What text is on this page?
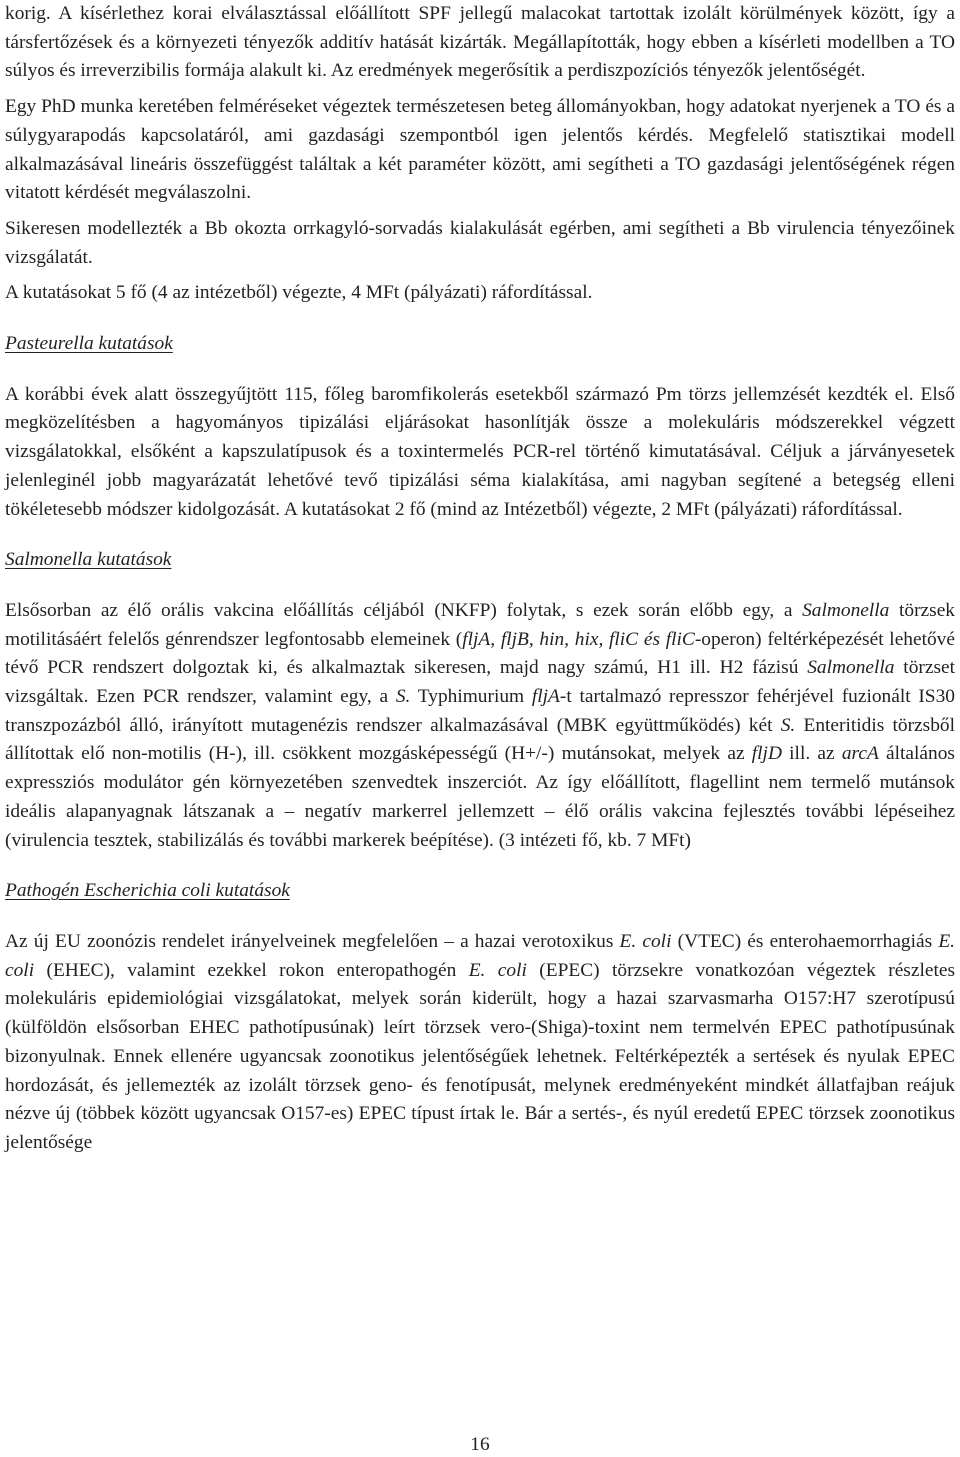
korig. A kísérlethez korai elválasztással előállított SPF jellegű malacokat tartottak izolált körülmények között, így a társfertőzések és a környezeti tényezők additív hatását kizárták. Megállapították, hogy ebben a kísérleti modellben a TO súlyos és irreverzibilis formája alakult ki. Az eredmények megerősítik a perdiszpozíciós tényezők jelentőségét.

Egy PhD munka keretében felméréseket végeztek természetesen beteg állományokban, hogy adatokat nyerjenek a TO és a súlygyarapodás kapcsolatáról, ami gazdasági szempontból igen jelentős kérdés. Megfelelő statisztikai modell alkalmazásával lineáris összefüggést találtak a két paraméter között, ami segítheti a TO gazdasági jelentőségének régen vitatott kérdését megválaszolni.

Sikeresen modellezték a Bb okozta orrkagyló-sorvadás kialakulását egérben, ami segítheti a Bb virulencia tényezőinek vizsgálatát.

A kutatásokat 5 fő (4 az intézetből) végezte, 4 MFt (pályázati) ráfordítással.

Pasteurella kutatások

A korábbi évek alatt összegyűjtött 115, főleg baromfikolerás esetekből származó Pm törzs jellemzését kezdték el. Első megközelítésben a hagyományos tipizálási eljárásokat hasonlítják össze a molekuláris módszerekkel végzett vizsgálatokkal, elsőként a kapszulatípusok és a toxintermelés PCR-rel történő kimutatásával. Céljuk a járványesetek jelenleginél jobb magyarázatát lehetővé tevő tipizálási séma kialakítása, ami nagyban segítené a betegség elleni tökéletesebb módszer kidolgozását. A kutatásokat 2 fő (mind az Intézetből) végezte, 2 MFt (pályázati) ráfordítással.

Salmonella kutatások

Elsősorban az élő orális vakcina előállítás céljából (NKFP) folytak, s ezek során előbb egy, a Salmonella törzsek motilitásáért felelős génrendszer legfontosabb elemeinek (fljA, fljB, hin, hix, fliC és fliC-operon) feltérképezését lehetővé tévő PCR rendszert dolgoztak ki, és alkalmaztak sikeresen, majd nagy számú, H1 ill. H2 fázisú Salmonella törzset vizsgáltak. Ezen PCR rendszer, valamint egy, a S. Typhimurium fljA-t tartalmazó represszor fehérjével fuzionált IS30 transzpozázból álló, irányított mutagenézis rendszer alkalmazásával (MBK együttműködés) két S. Enteritidis törzsből állítottak elő non-motilis (H-), ill. csökkent mozgásképességű (H+/-) mutánsokat, melyek az fljD ill. az arcA általános expressziós modulátor gén környezetében szenvedtek inszerciót. Az így előállított, flagellint nem termelő mutánsok ideális alapanyagnak látszanak a – negatív markerrel jellemzett – élő orális vakcina fejlesztés további lépéseihez (virulencia tesztek, stabilizálás és további markerek beépítése). (3 intézeti fő, kb. 7 MFt)

Pathogén Escherichia coli kutatások

Az új EU zoonózis rendelet irányelveinek megfelelően – a hazai verotoxikus E. coli (VTEC) és enterohaemorrhagiás E. coli (EHEC), valamint ezekkel rokon enteropathogén E. coli (EPEC) törzsekre vonatkozóan végeztek részletes molekuláris epidemiológiai vizsgálatokat, melyek során kiderült, hogy a hazai szarvasmarha O157:H7 szerotípusú (külföldön elsősorban EHEC pathotípusúnak) leírt törzsek vero-(Shiga)-toxint nem termelvén EPEC pathotípusúnak bizonyulnak. Ennek ellenére ugyancsak zoonotikus jelentőségűek lehetnek. Feltérképezték a sertések és nyulak EPEC hordozását, és jellemezték az izolált törzsek geno- és fenotípusát, melynek eredményeként mindkét állatfajban reájuk nézve új (többek között ugyancsak O157-es) EPEC típust írtak le. Bár a sertés-, és nyúl eredetű EPEC törzsek zoonotikus jelentősége

16
